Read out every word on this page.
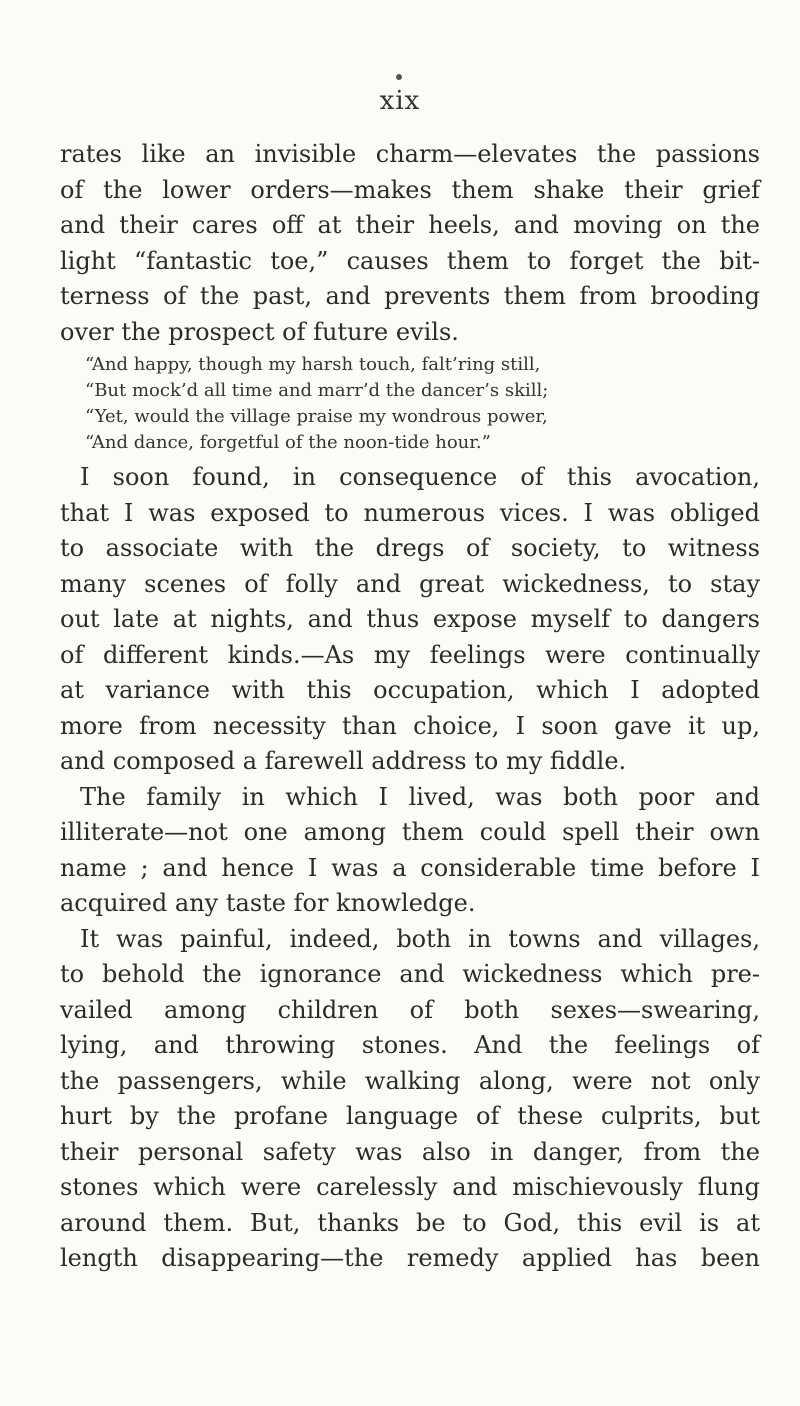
xix
rates like an invisible charm—elevates the passions
of the lower orders—makes them shake their grief
and their cares off at their heels, and moving on the
light “fantastic toe,” causes them to forget the bit-
terness of the past, and prevents them from brooding
over the prospect of future evils.
“And happy, though my harsh touch, falt’ring still,
“But mock’d all time and marr’d the dancer’s skill;
“Yet, would the village praise my wondrous power,
“And dance, forgetful of the noon-tide hour.”
I soon found, in consequence of this avocation,
that I was exposed to numerous vices. I was obliged
to associate with the dregs of society, to witness
many scenes of folly and great wickedness, to stay
out late at nights, and thus expose myself to dangers
of different kinds.—As my feelings were continually
at variance with this occupation, which I adopted
more from necessity than choice, I soon gave it up,
and composed a farewell address to my fiddle.
The family in which I lived, was both poor and
illiterate—not one among them could spell their own
name ; and hence I was a considerable time before I
acquired any taste for knowledge.
It was painful, indeed, both in towns and villages,
to behold the ignorance and wickedness which pre-
vailed among children of both sexes—swearing,
lying, and throwing stones. And the feelings of
the passengers, while walking along, were not only
hurt by the profane language of these culprits, but
their personal safety was also in danger, from the
stones which were carelessly and mischievously flung
around them. But, thanks be to God, this evil is at
length disappearing—the remedy applied has been
